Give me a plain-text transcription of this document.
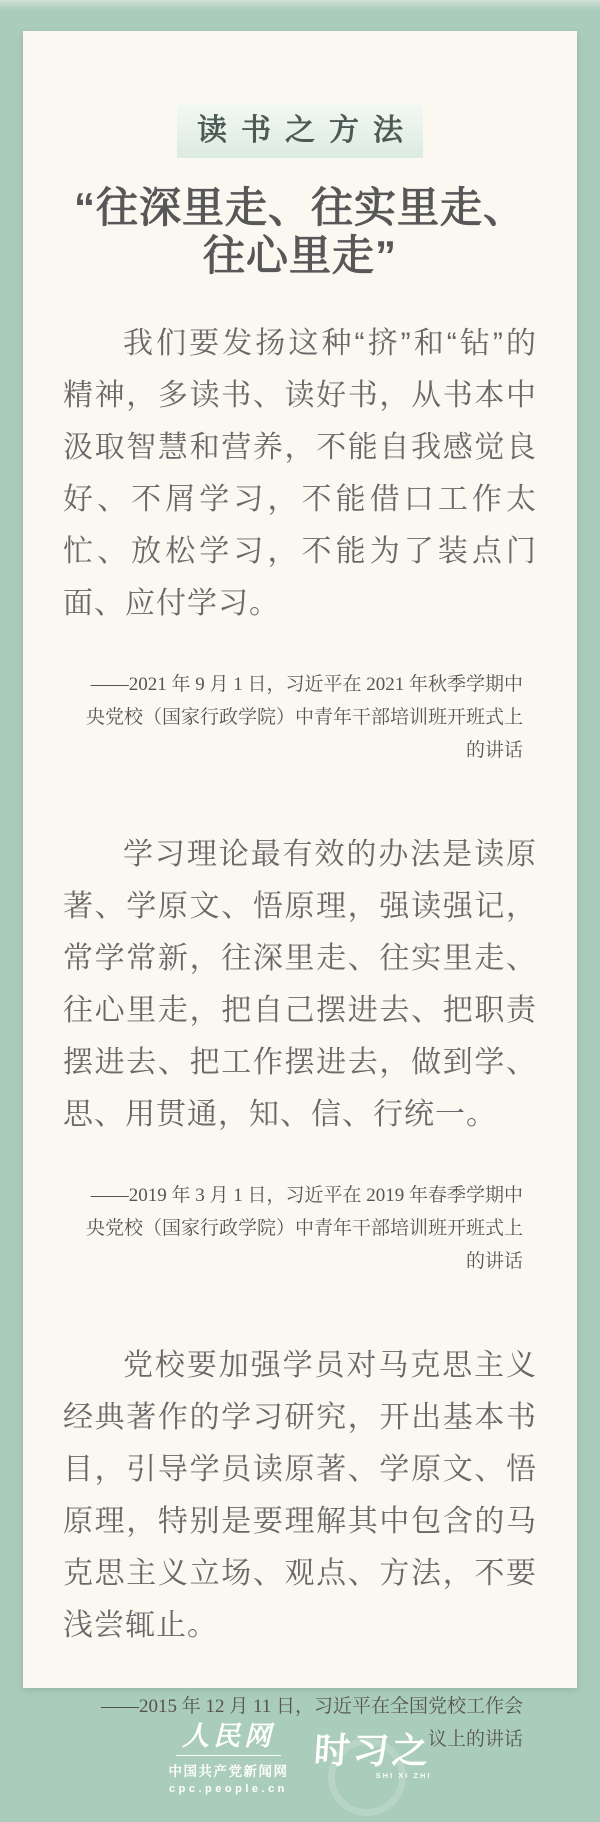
读书之方法
“往深里走、往实里走、往心里走”

我们要发扬这种“挤”和“钻”的精神，多读书、读好书，从书本中汲取智慧和营养，不能自我感觉良好、不屑学习，不能借口工作太忙、放松学习，不能为了装点门面、应付学习。

——2021 年 9 月 1 日，习近平在 2021 年秋季学期中央党校（国家行政学院）中青年干部培训班开班式上的讲话

学习理论最有效的办法是读原著、学原文、悟原理，强读强记，常学常新，往深里走、往实里走、往心里走，把自己摆进去、把职责摆进去、把工作摆进去，做到学、思、用贯通，知、信、行统一。

——2019 年 3 月 1 日，习近平在 2019 年春季学期中央党校（国家行政学院）中青年干部培训班开班式上的讲话

党校要加强学员对马克思主义经典著作的学习研究，开出基本书目，引导学员读原著、学原文、悟原理，特别是要理解其中包含的马克思主义立场、观点、方法，不要浅尝辄止。

——2015 年 12 月 11 日，习近平在全国党校工作会议上的讲话

人民网
中国共产党新闻网
cpc.people.cn
时习之
SHI XI ZHI
